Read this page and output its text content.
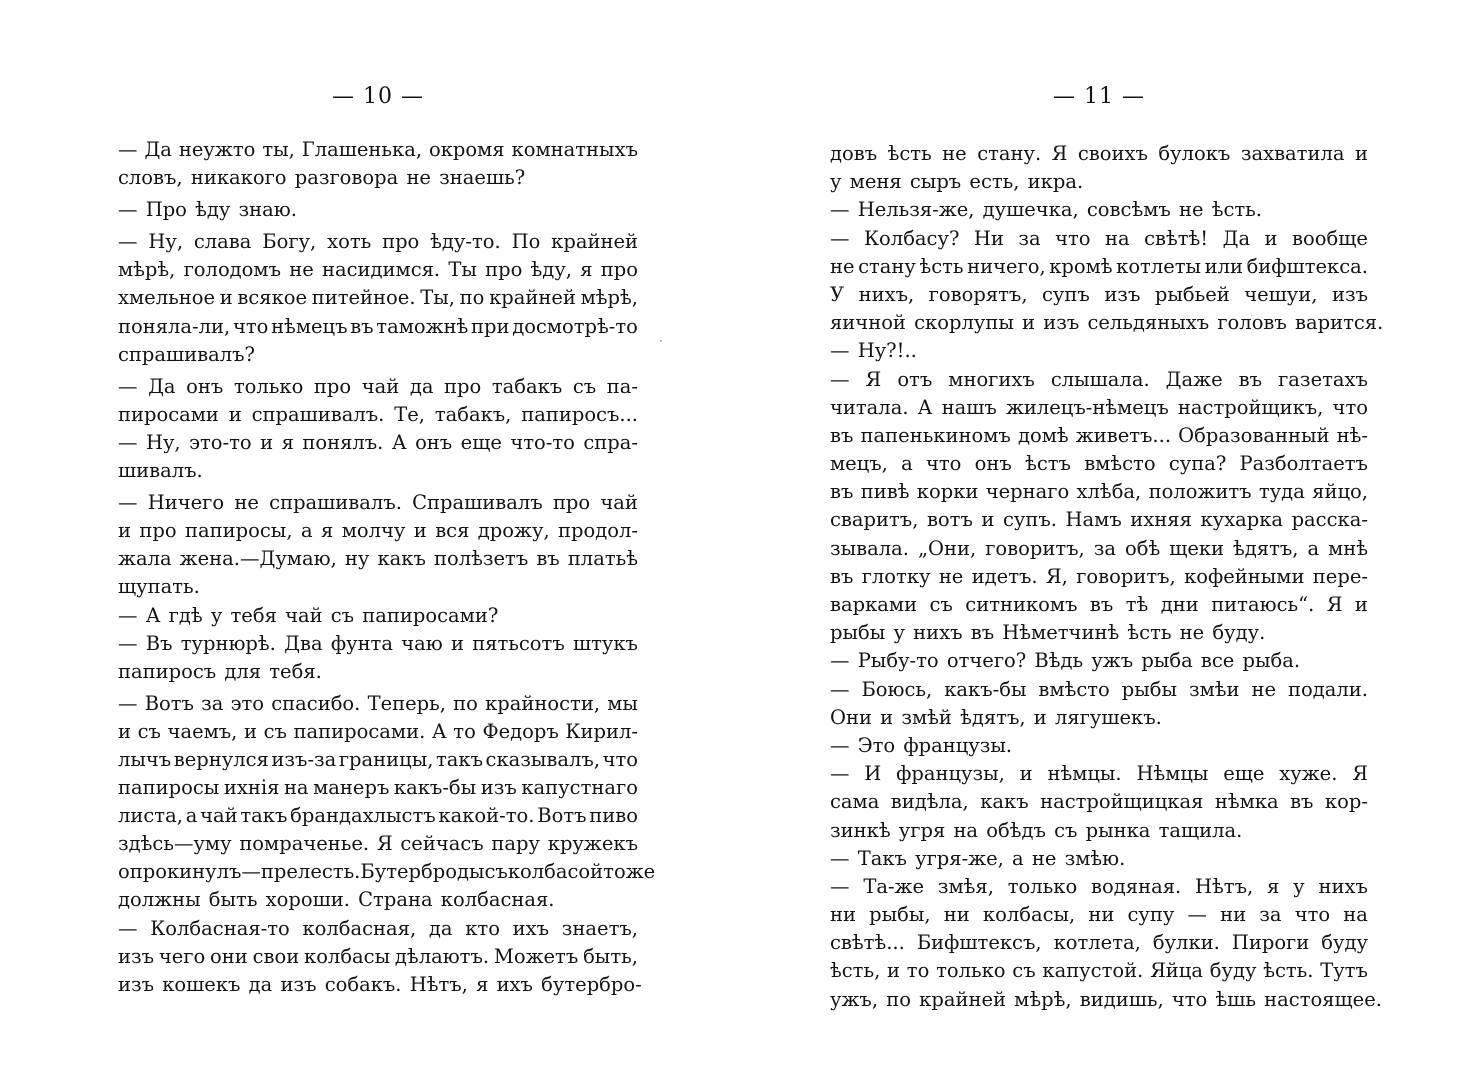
— 10 —
— Да неужто ты, Глашенька, окромя комнатныхъ
словъ, никакого разговора не знаешь?
— Про ѣду знаю.
— Ну, слава Богу, хоть про ѣду-то. По крайней
мѣрѣ, голодомъ не насидимся. Ты про ѣду, я про
хмельное и всякое питейное. Ты, по крайней мѣрѣ,
поняла-ли, что нѣмецъ въ таможнѣ при досмотрѣ-то
спрашивалъ?
— Да онъ только про чай да про табакъ съ па-
пиросами и спрашивалъ. Те, табакъ, папиросъ...
— Ну, это-то и я понялъ. А онъ еще что-то спра-
шивалъ.
— Ничего не спрашивалъ. Спрашивалъ про чай
и про папиросы, а я молчу и вся дрожу, продол-
жала жена.—Думаю, ну какъ полѣзетъ въ платьѣ
щупать.
— А гдѣ у тебя чай съ папиросами?
— Въ турнюрѣ. Два фунта чаю и пятьсотъ штукъ
папиросъ для тебя.
— Вотъ за это спасибо. Теперь, по крайности, мы
и съ чаемъ, и съ папиросами. А то Федоръ Кирил-
лычъ вернулся изъ-за границы, такъ сказывалъ, что
папиросы ихнія на манеръ какъ-бы изъ капустнаго
листа, а чай такъ брандахлыстъ какой-то. Вотъ пиво
здѣсь—уму помраченье. Я сейчасъ пару кружекъ
опрокинулъ—прелесть. Бутерброды съ колбасой тоже
должны быть хороши. Страна колбасная.
— Колбасная-то колбасная, да кто ихъ знаетъ,
изъ чего они свои колбасы дѣлаютъ. Можетъ быть,
изъ кошекъ да изъ собакъ. Нѣтъ, я ихъ бутербро-
— 11 —
довъ ѣсть не стану. Я своихъ булокъ захватила и
у меня сыръ есть, икра.
— Нельзя-же, душечка, совсѣмъ не ѣсть.
— Колбасу? Ни за что на свѣтѣ! Да и вообще
не стану ѣсть ничего, кромѣ котлеты или бифштекса.
У нихъ, говорятъ, супъ изъ рыбьей чешуи, изъ
яичной скорлупы и изъ сельдяныхъ головъ варится.
— Ну?!..
— Я отъ многихъ слышала. Даже въ газетахъ
читала. А нашъ жилецъ-нѣмецъ настройщикъ, что
въ папенькиномъ домѣ живетъ... Образованный нѣ-
мецъ, а что онъ ѣстъ вмѣсто супа? Разболтаетъ
въ пивѣ корки чернаго хлѣба, положитъ туда яйцо,
сваритъ, вотъ и супъ. Намъ ихняя кухарка расска-
зывала. „Они, говоритъ, за обѣ щеки ѣдятъ, а мнѣ
въ глотку не идетъ. Я, говоритъ, кофейными пере-
варками съ ситникомъ въ тѣ дни питаюсь“. Я и
рыбы у нихъ въ Нѣметчинѣ ѣсть не буду.
— Рыбу-то отчего? Вѣдь ужъ рыба все рыба.
— Боюсь, какъ-бы вмѣсто рыбы змѣи не подали.
Они и змѣй ѣдятъ, и лягушекъ.
— Это французы.
— И французы, и нѣмцы. Нѣмцы еще хуже. Я
сама видѣла, какъ настройщицкая нѣмка въ кор-
зинкѣ угря на обѣдъ съ рынка тащила.
— Такъ угря-же, а не змѣю.
— Та-же змѣя, только водяная. Нѣтъ, я у нихъ
ни рыбы, ни колбасы, ни супу — ни за что на
свѣтѣ... Бифштексъ, котлета, булки. Пироги буду
ѣсть, и то только съ капустой. Яйца буду ѣсть. Тутъ
ужъ, по крайней мѣрѣ, видишь, что ѣшь настоящее.
